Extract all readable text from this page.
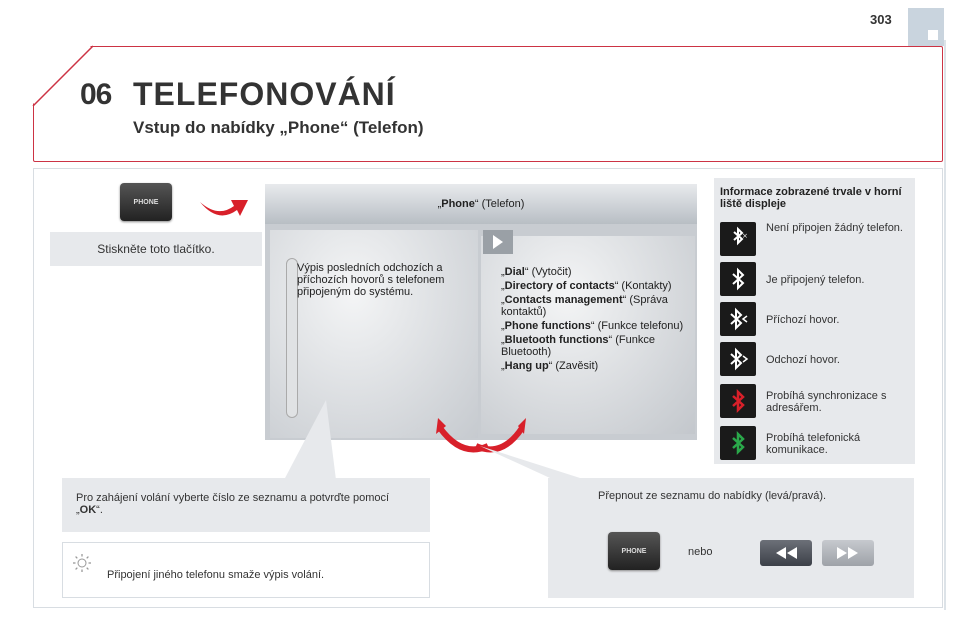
303
06 TELEFONOVÁNÍ
Vstup do nabídky „Phone“ (Telefon)
PHONE
Stiskněte toto tlačítko.
„Phone“ (Telefon)
Výpis posledních odchozích a příchozích hovorů s telefonem připojeným do systému.
„Dial“ (Vytočit)
„Directory of contacts“ (Kontakty)
„Contacts management“ (Správa kontaktů)
„Phone functions“ (Funkce telefonu)
„Bluetooth functions“ (Funkce Bluetooth)
„Hang up“ (Zavěsit)
Informace zobrazené trvale v horní liště displeje
×
Není připojen žádný telefon.
Je připojený telefon.
Příchozí hovor.
Odchozí hovor.
Probíhá synchronizace s adresářem.
Probíhá telefonická komunikace.
Pro zahájení volání vyberte číslo ze seznamu a potvrďte pomocí „OK“.
Připojení jiného telefonu smaže výpis volání.
Přepnout ze seznamu do nabídky (levá/pravá).
PHONE	nebo
